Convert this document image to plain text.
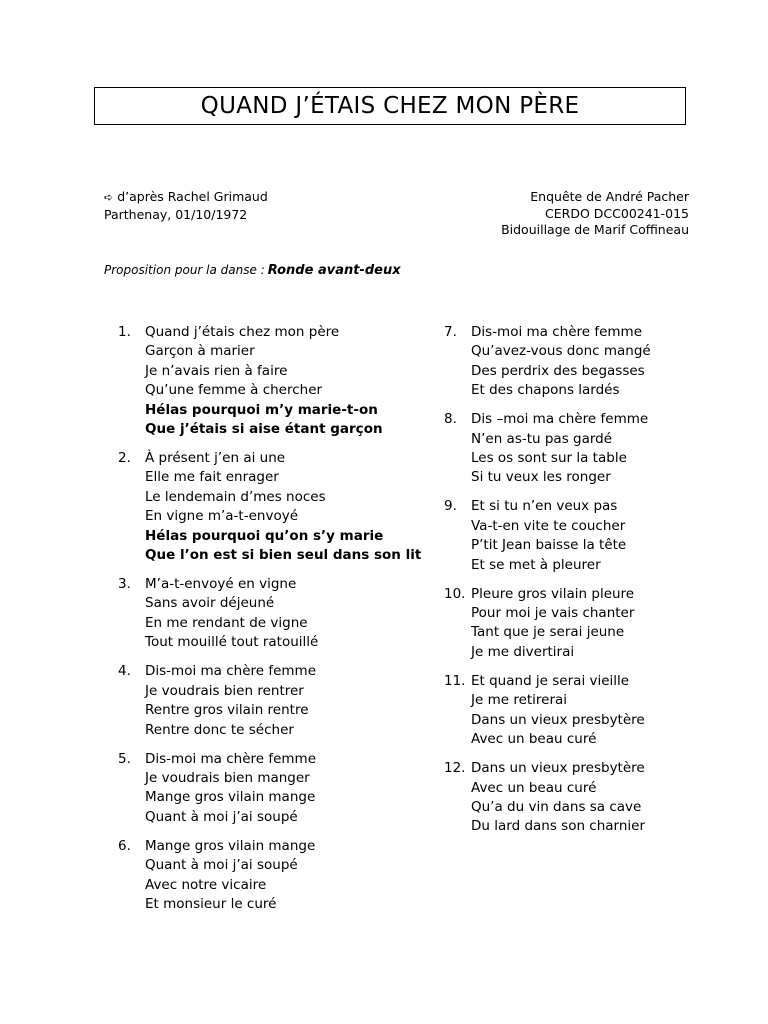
QUAND J’ÉTAIS CHEZ MON PÈRE
➪ d’après Rachel Grimaud
Parthenay, 01/10/1972
Enquête de André Pacher
CERDO DCC00241-015
Bidouillage de Marif Coffineau
Proposition pour la danse : Ronde avant-deux
1.	Quand j’étais chez mon père
Garçon à marier
Je n’avais rien à faire
Qu’une femme à chercher
Hélas pourquoi m’y marie-t-on
Que j’étais si aise étant garçon
2.	À présent j’en ai une
Elle me fait enrager
Le lendemain d’mes noces
En vigne m’a-t-envoyé
Hélas pourquoi qu’on s’y marie
Que l’on est si bien seul dans son lit
3.	M’a-t-envoyé en vigne
Sans avoir déjeuné
En me rendant de vigne
Tout mouillé tout ratouillé
4.	Dis-moi ma chère femme
Je voudrais bien rentrer
Rentre gros vilain rentre
Rentre donc te sécher
5.	Dis-moi ma chère femme
Je voudrais bien manger
Mange gros vilain mange
Quant à moi j’ai soupé
6.	Mange gros vilain mange
Quant à moi j’ai soupé
Avec notre vicaire
Et monsieur le curé
7.	Dis-moi ma chère femme
Qu’avez-vous donc mangé
Des perdrix des begasses
Et des chapons lardés
8.	Dis –moi ma chère femme
N’en as-tu pas gardé
Les os sont sur la table
Si tu veux les ronger
9.	Et si tu n’en veux pas
Va-t-en vite te coucher
P’tit Jean baisse la tête
Et se met à pleurer
10. Pleure gros vilain pleure
Pour moi je vais chanter
Tant que je serai jeune
Je me divertirai
11. Et quand je serai vieille
Je me retirerai
Dans un vieux presbytère
Avec un beau curé
12. Dans un vieux presbytère
Avec un beau curé
Qu’a du vin dans sa cave
Du lard dans son charnier
